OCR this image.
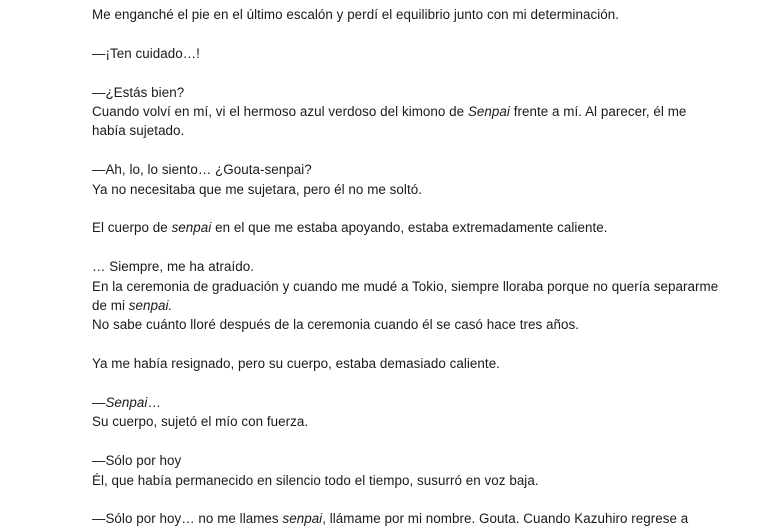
Me enganché el pie en el último escalón y perdí el equilibrio junto con mi determinación.
—¡Ten cuidado…!
—¿Estás bien?
Cuando volví en mí, vi el hermoso azul verdoso del kimono de Senpai frente a mí. Al parecer, él me
había sujetado.
—Ah, lo, lo siento… ¿Gouta-senpai?
Ya no necesitaba que me sujetara, pero él no me soltó.
El cuerpo de senpai en el que me estaba apoyando, estaba extremadamente caliente.
… Siempre, me ha atraído.
En la ceremonia de graduación y cuando me mudé a Tokio, siempre lloraba porque no quería separarme
de mi senpai.
No sabe cuánto lloré después de la ceremonia cuando él se casó hace tres años.
Ya me había resignado, pero su cuerpo, estaba demasiado caliente.
—Senpai…
Su cuerpo, sujetó el mío con fuerza.
—Sólo por hoy
Él, que había permanecido en silencio todo el tiempo, susurró en voz baja.
—Sólo por hoy… no me llames senpai, llámame por mi nombre. Gouta. Cuando Kazuhiro regrese a
